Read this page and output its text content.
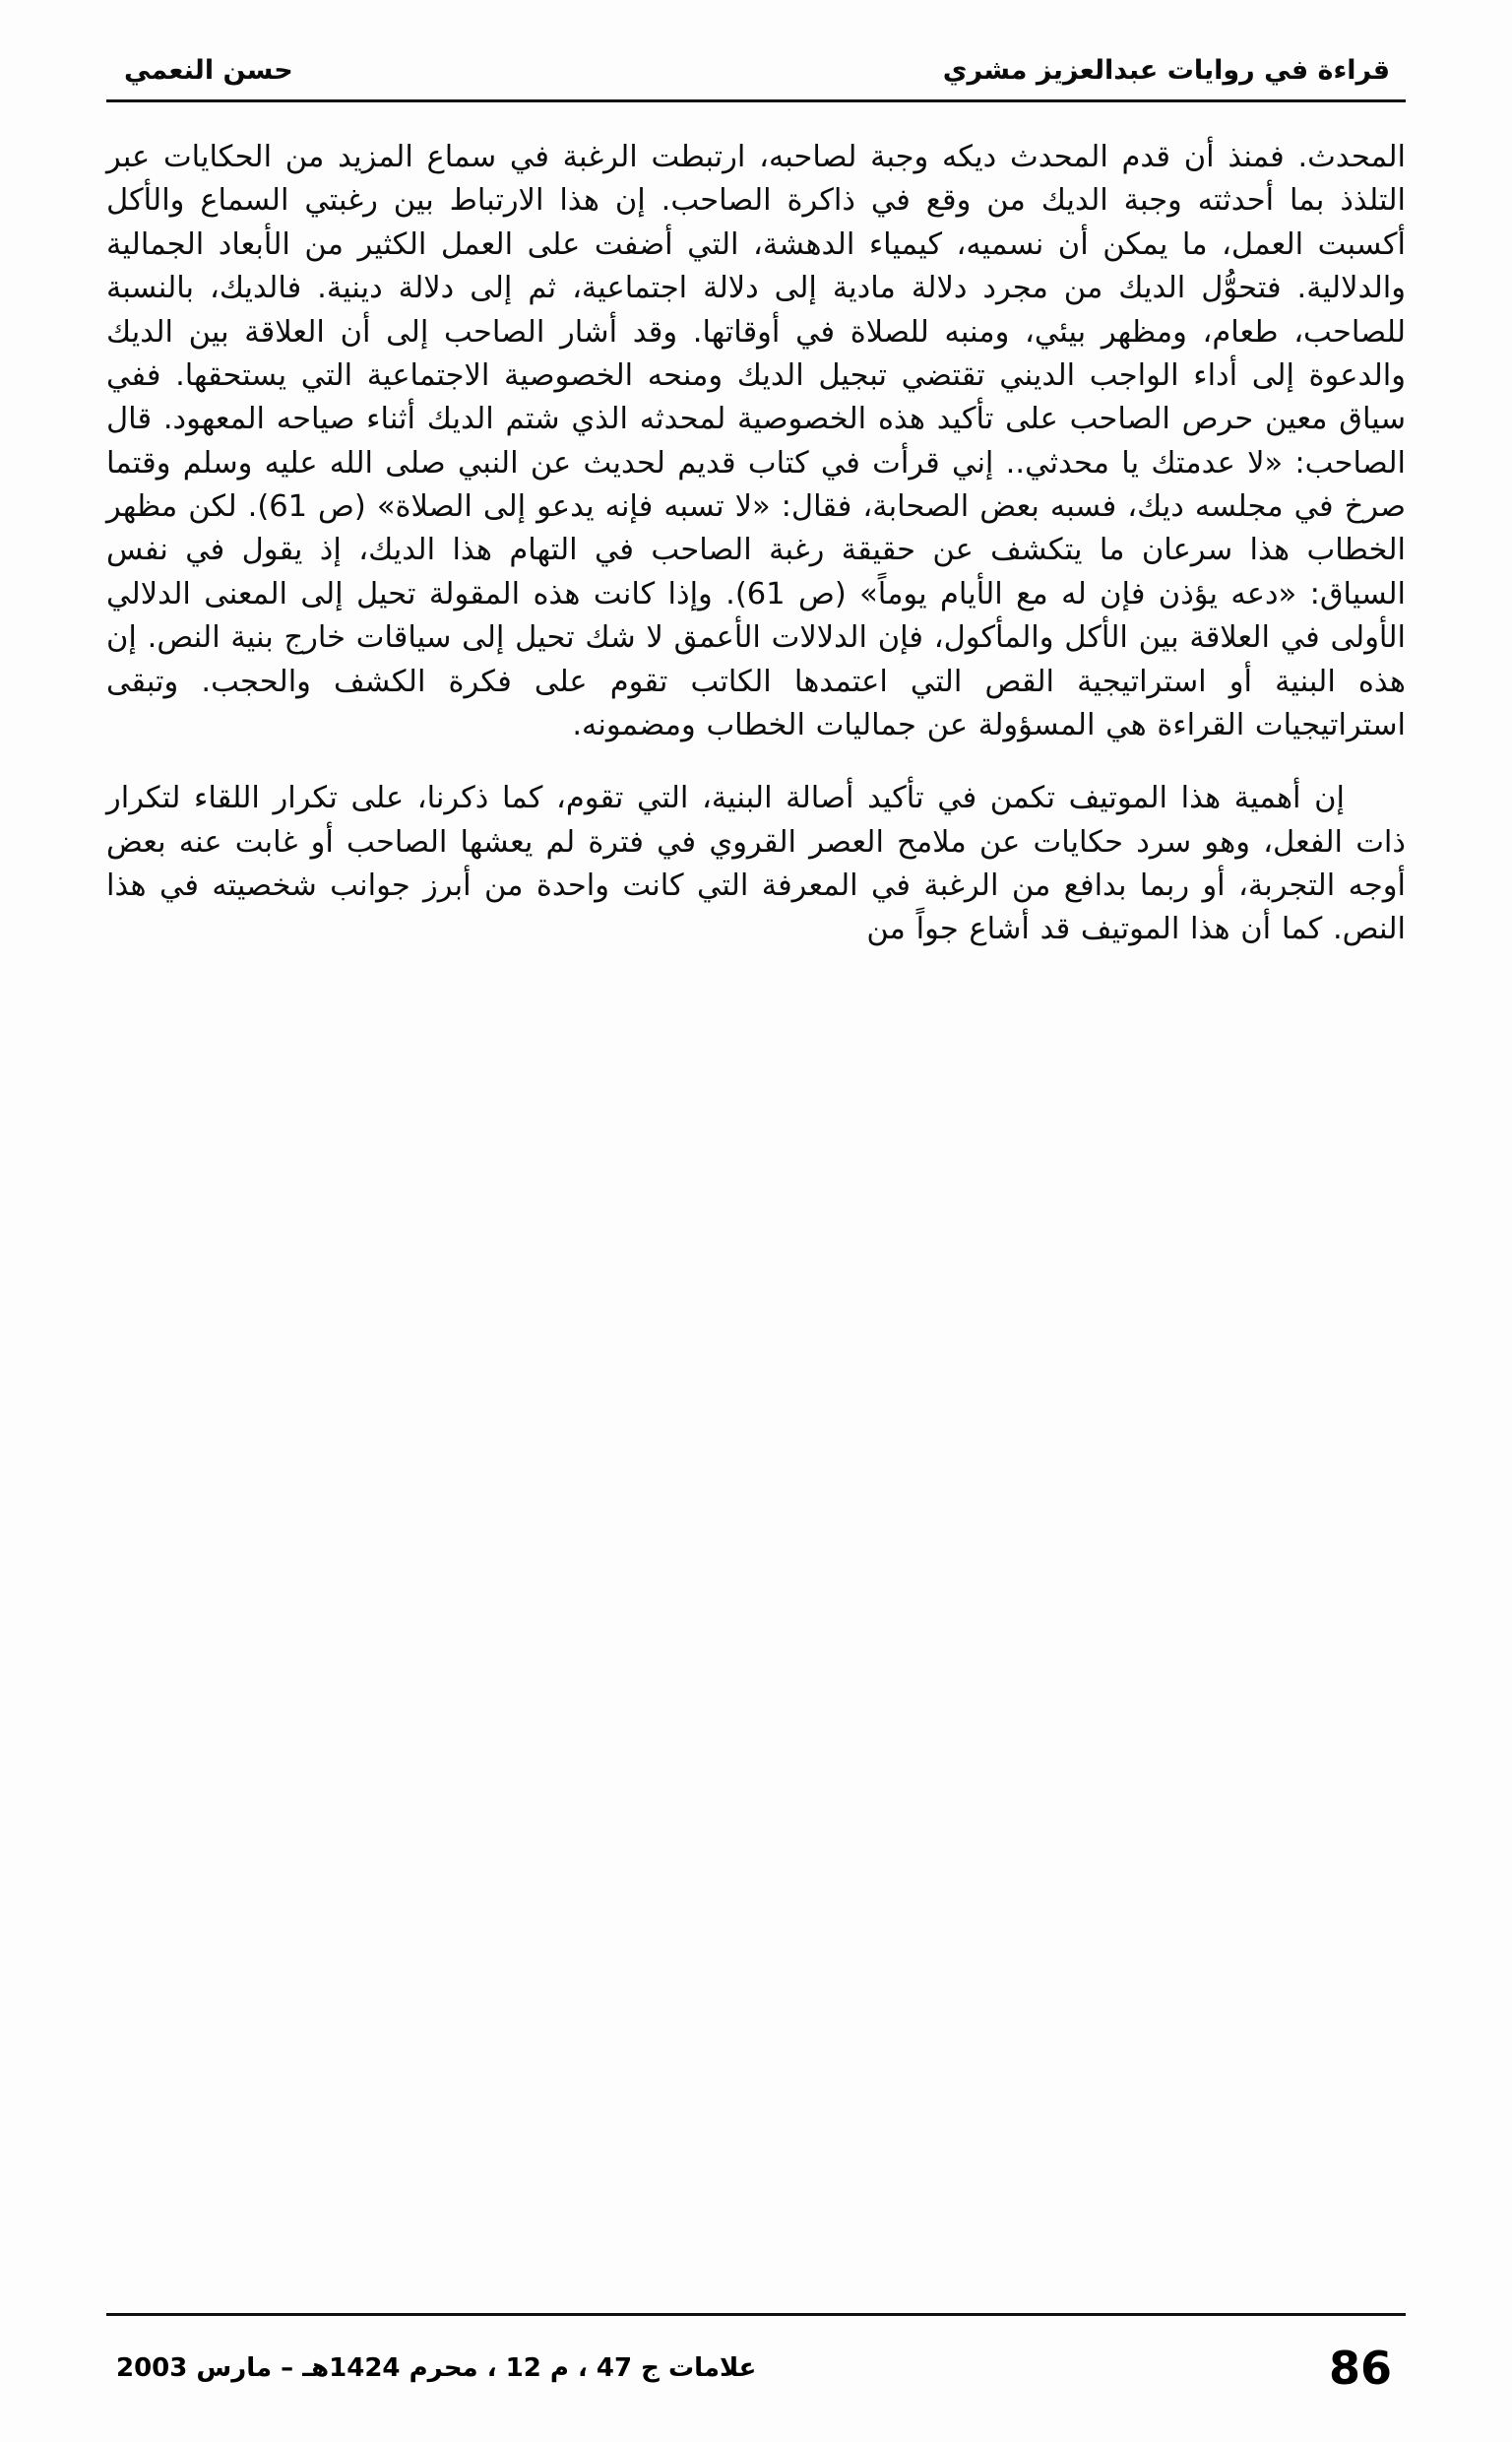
قراءة في روايات عبدالعزيز مشري
حسن النعمي

المحدث. فمنذ أن قدم المحدث ديكه وجبة لصاحبه، ارتبطت الرغبة في سماع المزيد من الحكايات عبر التلذذ بما أحدثته وجبة الديك من وقع في ذاكرة الصاحب. إن هذا الارتباط بين رغبتي السماع والأكل أكسبت العمل، ما يمكن أن نسميه، كيمياء الدهشة، التي أضفت على العمل الكثير من الأبعاد الجمالية والدلالية. فتحوُّل الديك من مجرد دلالة مادية إلى دلالة اجتماعية، ثم إلى دلالة دينية. فالديك، بالنسبة للصاحب، طعام، ومظهر بيئي، ومنبه للصلاة في أوقاتها. وقد أشار الصاحب إلى أن العلاقة بين الديك والدعوة إلى أداء الواجب الديني تقتضي تبجيل الديك ومنحه الخصوصية الاجتماعية التي يستحقها. ففي سياق معين حرص الصاحب على تأكيد هذه الخصوصية لمحدثه الذي شتم الديك أثناء صياحه المعهود. قال الصاحب: «لا عدمتك يا محدثي.. إني قرأت في كتاب قديم لحديث عن النبي صلى الله عليه وسلم وقتما صرخ في مجلسه ديك، فسبه بعض الصحابة، فقال: «لا تسبه فإنه يدعو إلى الصلاة» (ص 61). لكن مظهر الخطاب هذا سرعان ما يتكشف عن حقيقة رغبة الصاحب في التهام هذا الديك، إذ يقول في نفس السياق: «دعه يؤذن فإن له مع الأيام يوماً» (ص 61). وإذا كانت هذه المقولة تحيل إلى المعنى الدلالي الأولى في العلاقة بين الأكل والمأكول، فإن الدلالات الأعمق لا شك تحيل إلى سياقات خارج بنية النص. إن هذه البنية أو استراتيجية القص التي اعتمدها الكاتب تقوم على فكرة الكشف والحجب. وتبقى استراتيجيات القراءة هي المسؤولة عن جماليات الخطاب ومضمونه.

إن أهمية هذا الموتيف تكمن في تأكيد أصالة البنية، التي تقوم، كما ذكرنا، على تكرار اللقاء لتكرار ذات الفعل، وهو سرد حكايات عن ملامح العصر القروي في فترة لم يعشها الصاحب أو غابت عنه بعض أوجه التجربة، أو ربما بدافع من الرغبة في المعرفة التي كانت واحدة من أبرز جوانب شخصيته في هذا النص. كما أن هذا الموتيف قد أشاع جواً من

86
علامات ج 47 ، م 12 ، محرم 1424هـ – مارس 2003
